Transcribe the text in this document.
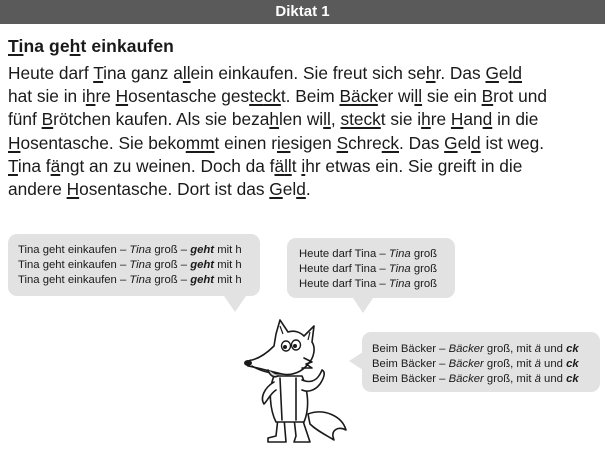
Diktat 1
Tina geht einkaufen

Heute darf Tina ganz allein einkaufen. Sie freut sich sehr. Das Geld
hat sie in ihre Hosentasche gesteckt. Beim Bäcker will sie ein Brot und
fünf Brötchen kaufen. Als sie bezahlen will, steckt sie ihre Hand in die
Hosentasche. Sie bekommt einen riesigen Schreck. Das Geld ist weg.
Tina fängt an zu weinen. Doch da fällt ihr etwas ein. Sie greift in die
andere Hosentasche. Dort ist das Geld.

Tina geht einkaufen – Tina groß – geht mit h
Tina geht einkaufen – Tina groß – geht mit h
Tina geht einkaufen – Tina groß – geht mit h
Heute darf Tina – Tina groß
Heute darf Tina – Tina groß
Heute darf Tina – Tina groß
Beim Bäcker – Bäcker groß, mit ä und ck
Beim Bäcker – Bäcker groß, mit ä und ck
Beim Bäcker – Bäcker groß, mit ä und ck
